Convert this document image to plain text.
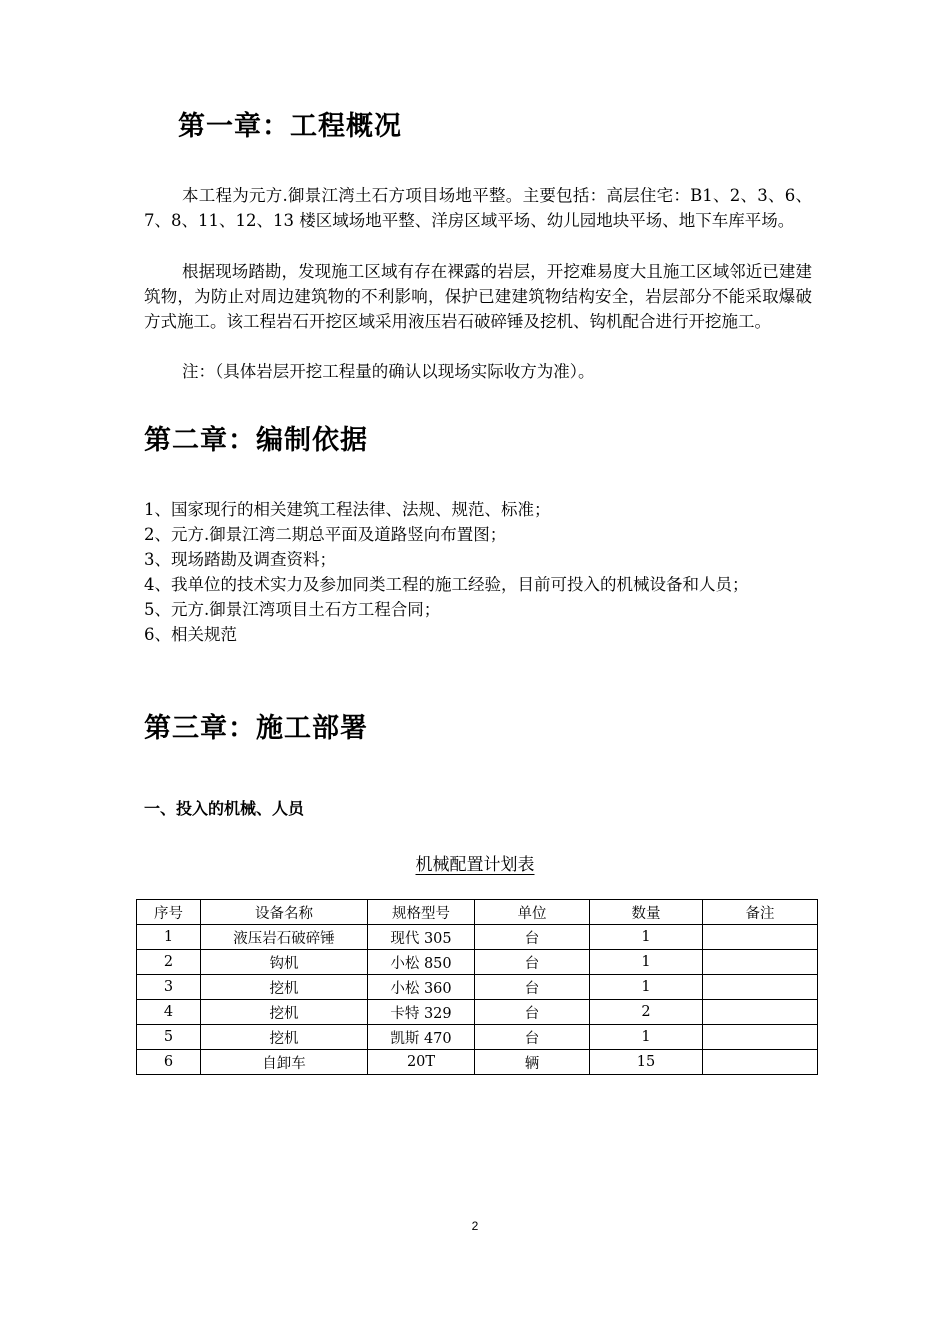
第一章：工程概况

本工程为元方.御景江湾土石方项目场地平整。主要包括：高层住宅：B1、2、3、6、7、8、11、12、13 楼区域场地平整、洋房区域平场、幼儿园地块平场、地下车库平场。

根据现场踏勘，发现施工区域有存在裸露的岩层，开挖难易度大且施工区域邻近已建建筑物，为防止对周边建筑物的不利影响，保护已建建筑物结构安全，岩层部分不能采取爆破方式施工。该工程岩石开挖区域采用液压岩石破碎锤及挖机、钩机配合进行开挖施工。

注：（具体岩层开挖工程量的确认以现场实际收方为准）。

第二章：编制依据
1、国家现行的相关建筑工程法律、法规、规范、标准；
2、元方.御景江湾二期总平面及道路竖向布置图；
3、现场踏勘及调查资料；
4、我单位的技术实力及参加同类工程的施工经验，目前可投入的机械设备和人员；
5、元方.御景江湾项目土石方工程合同；
6、相关规范
第三章：施工部署
一、投入的机械、人员

机械配置计划表

序号	设备名称	规格型号	单位	数量	备注
1	液压岩石破碎锤	现代 305	台	1	
2	钩机	小松 850	台	1	
3	挖机	小松 360	台	1	
4	挖机	卡特 329	台	2	
5	挖机	凯斯 470	台	1	
6	自卸车	20T	辆	15	

2
